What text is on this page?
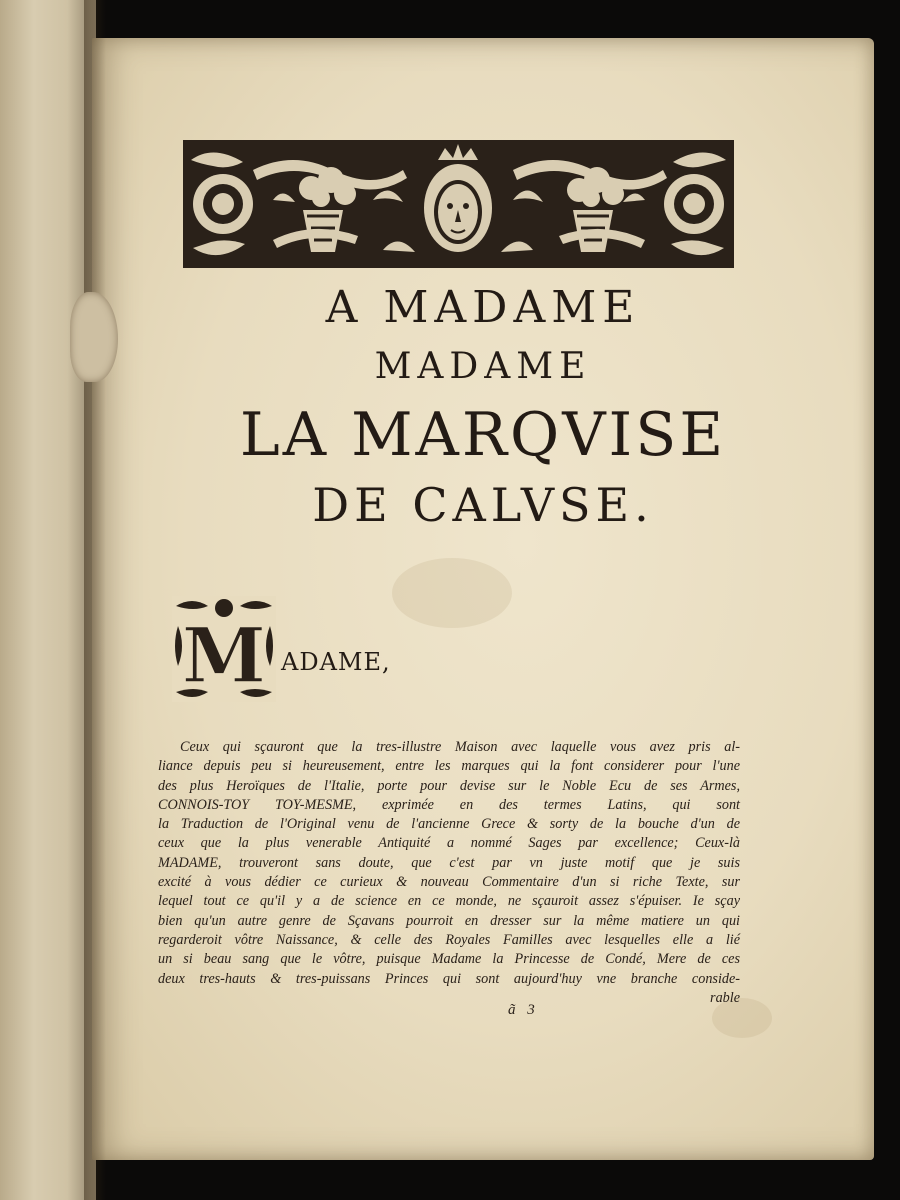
A MADAME
MADAME
LA MARQVISE
DE CALVSE.
M ADAME,
Ceux qui sçauront que la tres-illustre Maison avec laquelle vous avez pris al-
liance depuis peu si heureusement, entre les marques qui la font considerer pour l'une
des plus Heroïques de l'Italie, porte pour devise sur le Noble Ecu de ses Armes,
CONNOIS-TOY TOY-MESME, exprimée en des termes Latins, qui sont
la Traduction de l'Original venu de l'ancienne Grece & sorty de la bouche d'un de
ceux que la plus venerable Antiquité a nommé Sages par excellence; Ceux-là
MADAME, trouveront sans doute, que c'est par vn juste motif que je suis
excité à vous dédier ce curieux & nouveau Commentaire d'un si riche Texte, sur
lequel tout ce qu'il y a de science en ce monde, ne sçauroit assez s'épuiser. Ie sçay
bien qu'un autre genre de Sçavans pourroit en dresser sur la même matiere un qui
regarderoit vôtre Naissance, & celle des Royales Familles avec lesquelles elle a lié
un si beau sang que le vôtre, puisque Madame la Princesse de Condé, Mere de ces
deux tres-hauts & tres-puissans Princes qui sont aujourd'huy vne branche conside-
rable
ã 3
